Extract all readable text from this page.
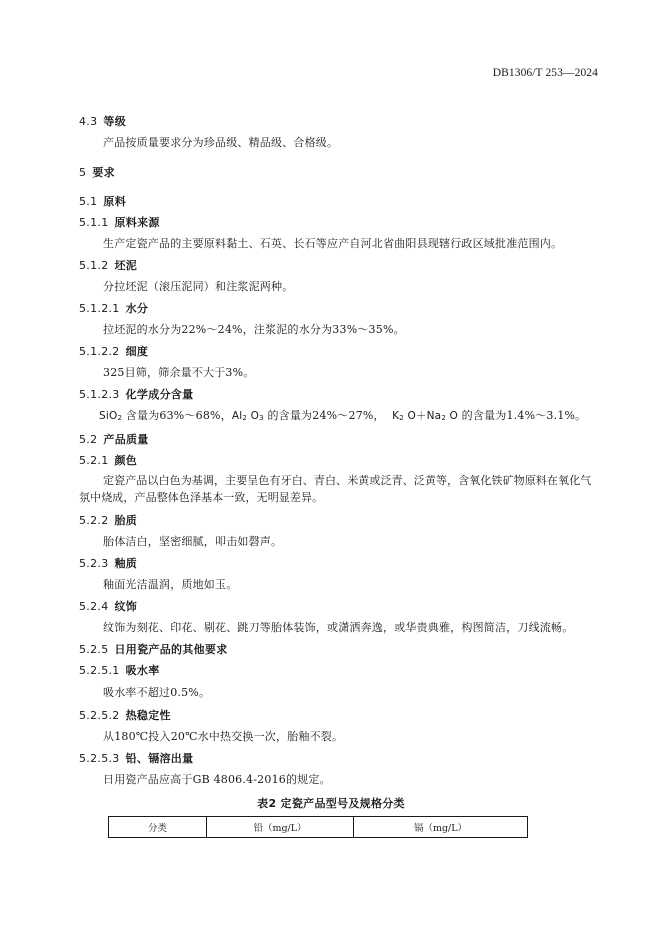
DB1306/T 253—2024
4.3 等级
产品按质量要求分为珍品级、精品级、合格级。
5 要求
5.1 原料
5.1.1 原料来源
生产定瓷产品的主要原料黏土、石英、长石等应产自河北省曲阳县现辖行政区域批准范围内。
5.1.2 坯泥
分拉坯泥（滚压泥同）和注浆泥两种。
5.1.2.1 水分
拉坯泥的水分为22%～24%，注浆泥的水分为33%～35%。
5.1.2.2 细度
325目筛，筛余量不大于3%。
5.1.2.3 化学成分含量
SiO$_2$ 含量为63%～68%，$Al_2$ $O_3$ 的含量为24%～27%， $K_2$ $O+Na_2$ O 的含量为1.4%～3.1%。
5.2 产品质量
5.2.1 颜色
定瓷产品以白色为基调，主要呈色有牙白、青白、米黄或泛青、泛黄等，含氧化铁矿物原料在氧化气氛中烧成，产品整体色泽基本一致，无明显差异。
5.2.2 胎质
胎体洁白，坚密细腻，叩击如磬声。
5.2.3 釉质
釉面光洁温润，质地如玉。
5.2.4 纹饰
纹饰为刻花、印花、剔花、跳刀等胎体装饰，或潇洒奔逸，或华贵典雅，构图简洁，刀线流畅。
5.2.5 日用瓷产品的其他要求
5.2.5.1 吸水率
吸水率不超过0.5%。
5.2.5.2 热稳定性
从180℃投入20℃水中热交换一次，胎釉不裂。
5.2.5.3 铅、镉溶出量
日用瓷产品应高于GB 4806.4-2016的规定。
表2 定瓷产品型号及规格分类
分类	铅（mg/L）	镉（mg/L）
